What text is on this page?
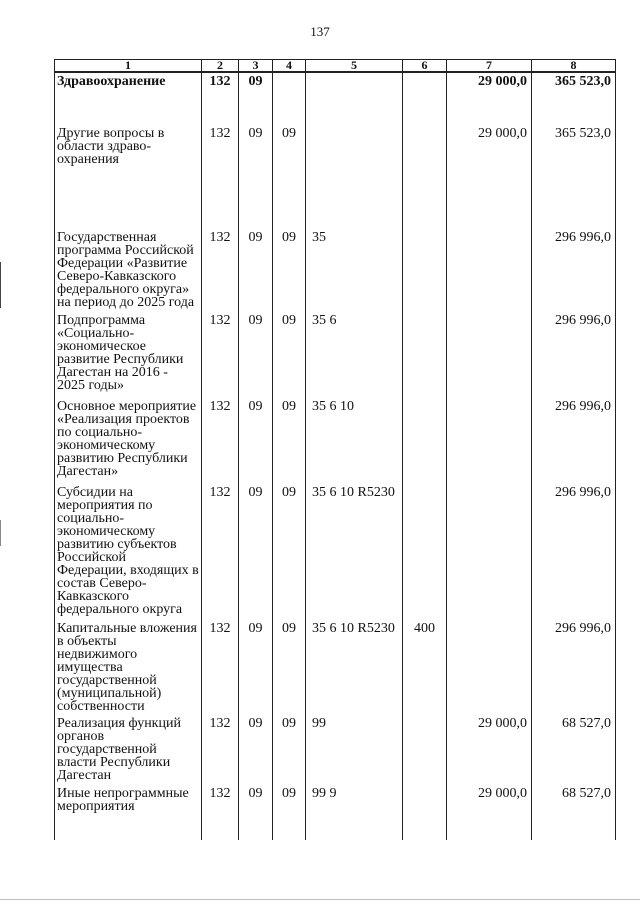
137
1	2	3	4	5	6	7	8
Здравоохранение	132	09				29 000,0	365 523,0
Другие вопросы в области здраво-охранения	132	09	09			29 000,0	365 523,0
Государственная программа Российской Федерации «Развитие Северо-Кавказского федерального округа» на период до 2025 года	132	09	09	35			296 996,0
Подпрограмма «Социально-экономическое развитие Республики Дагестан на 2016 - 2025 годы»	132	09	09	35 6			296 996,0
Основное мероприятие «Реализация проектов по социально-экономическому развитию Республики Дагестан»	132	09	09	35 6 10			296 996,0
Субсидии на мероприятия по социально-экономическому развитию субъектов Российской Федерации, входящих в состав Северо-Кавказского федерального округа	132	09	09	35 6 10 R5230			296 996,0
Капитальные вложения в объекты недвижимого имущества государственной (муниципальной) собственности	132	09	09	35 6 10 R5230	400		296 996,0
Реализация функций органов государственной власти Республики Дагестан	132	09	09	99		29 000,0	68 527,0
Иные непрограммные мероприятия	132	09	09	99 9		29 000,0	68 527,0
